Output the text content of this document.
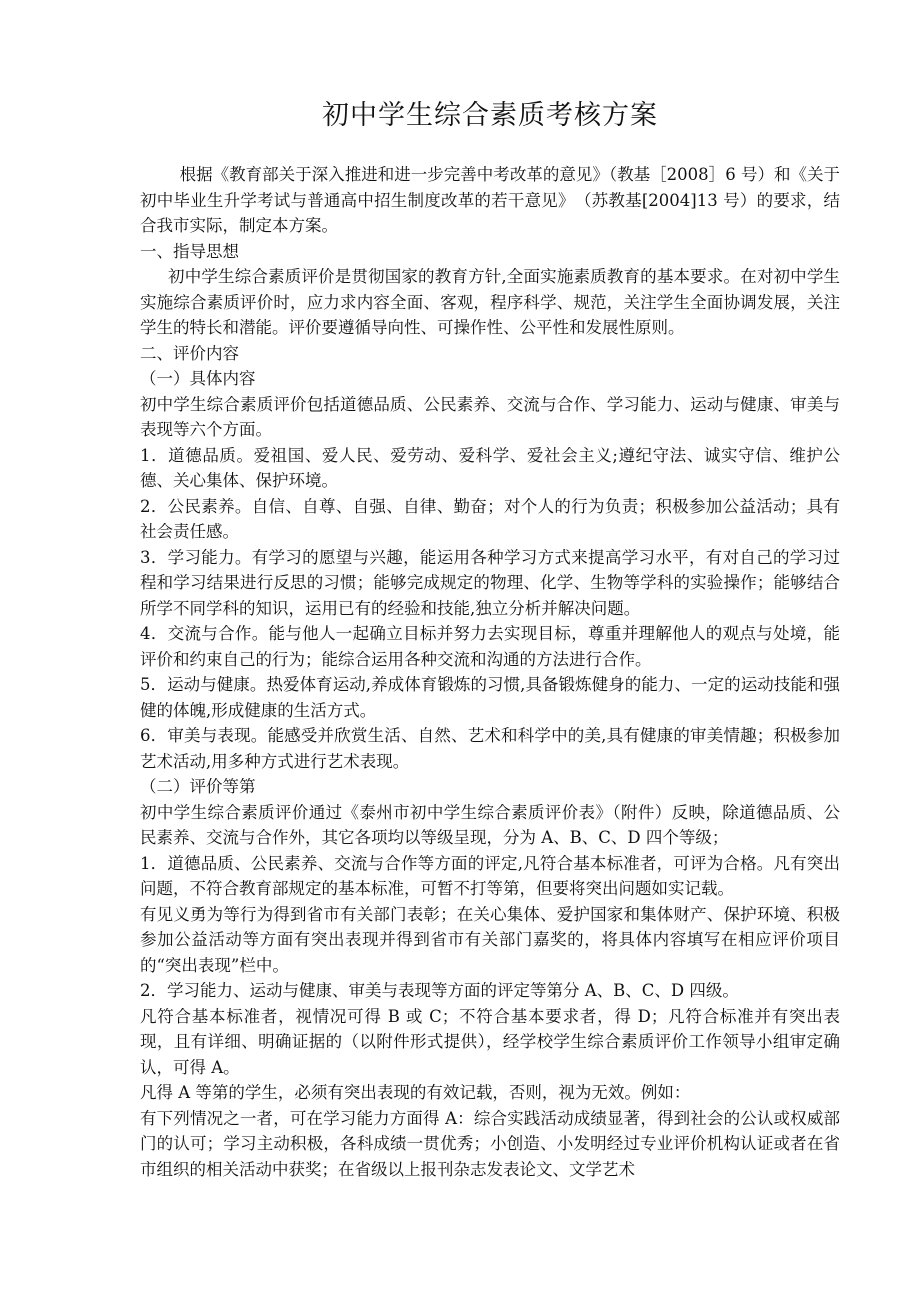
初中学生综合素质考核方案

根据《教育部关于深入推进和进一步完善中考改革的意见》（教基［2008］6 号）和《关于初中毕业生升学考试与普通高中招生制度改革的若干意见》　（苏教基[2004]13 号）的要求，结合我市实际，制定本方案。

一、指导思想

初中学生综合素质评价是贯彻国家的教育方针,全面实施素质教育的基本要求。在对初中学生实施综合素质评价时，应力求内容全面、客观，程序科学、规范，关注学生全面协调发展，关注学生的特长和潜能。评价要遵循导向性、可操作性、公平性和发展性原则。

二、评价内容

（一）具体内容

初中学生综合素质评价包括道德品质、公民素养、交流与合作、学习能力、运动与健康、审美与表现等六个方面。

1．道德品质。爱祖国、爱人民、爱劳动、爱科学、爱社会主义;遵纪守法、诚实守信、维护公德、关心集体、保护环境。

2．公民素养。自信、自尊、自强、自律、勤奋；对个人的行为负责；积极参加公益活动；具有社会责任感。

3．学习能力。有学习的愿望与兴趣，能运用各种学习方式来提高学习水平，有对自己的学习过程和学习结果进行反思的习惯；能够完成规定的物理、化学、生物等学科的实验操作；能够结合所学不同学科的知识，运用已有的经验和技能,独立分析并解决问题。

4．交流与合作。能与他人一起确立目标并努力去实现目标，尊重并理解他人的观点与处境，能评价和约束自己的行为；能综合运用各种交流和沟通的方法进行合作。

5．运动与健康。热爱体育运动,养成体育锻炼的习惯,具备锻炼健身的能力、一定的运动技能和强健的体魄,形成健康的生活方式。

6．审美与表现。能感受并欣赏生活、自然、艺术和科学中的美,具有健康的审美情趣；积极参加艺术活动,用多种方式进行艺术表现。

（二）评价等第

初中学生综合素质评价通过《泰州市初中学生综合素质评价表》（附件）反映，除道德品质、公民素养、交流与合作外，其它各项均以等级呈现，分为 A、B、C、D 四个等级；

1．道德品质、公民素养、交流与合作等方面的评定,凡符合基本标准者，可评为合格。凡有突出问题，不符合教育部规定的基本标准，可暂不打等第，但要将突出问题如实记载。

有见义勇为等行为得到省市有关部门表彰；在关心集体、爱护国家和集体财产、保护环境、积极参加公益活动等方面有突出表现并得到省市有关部门嘉奖的，将具体内容填写在相应评价项目的“突出表现”栏中。

2．学习能力、运动与健康、审美与表现等方面的评定等第分 A、B、C、D 四级。

凡符合基本标准者，视情况可得 B 或 C；不符合基本要求者，得 D；凡符合标准并有突出表现，且有详细、明确证据的（以附件形式提供），经学校学生综合素质评价工作领导小组审定确认，可得 A。

凡得 A 等第的学生，必须有突出表现的有效记载，否则，视为无效。例如：

有下列情况之一者，可在学习能力方面得 A：综合实践活动成绩显著，得到社会的公认或权威部门的认可；学习主动积极，各科成绩一贯优秀；小创造、小发明经过专业评价机构认证或者在省市组织的相关活动中获奖；在省级以上报刊杂志发表论文、文学艺术
